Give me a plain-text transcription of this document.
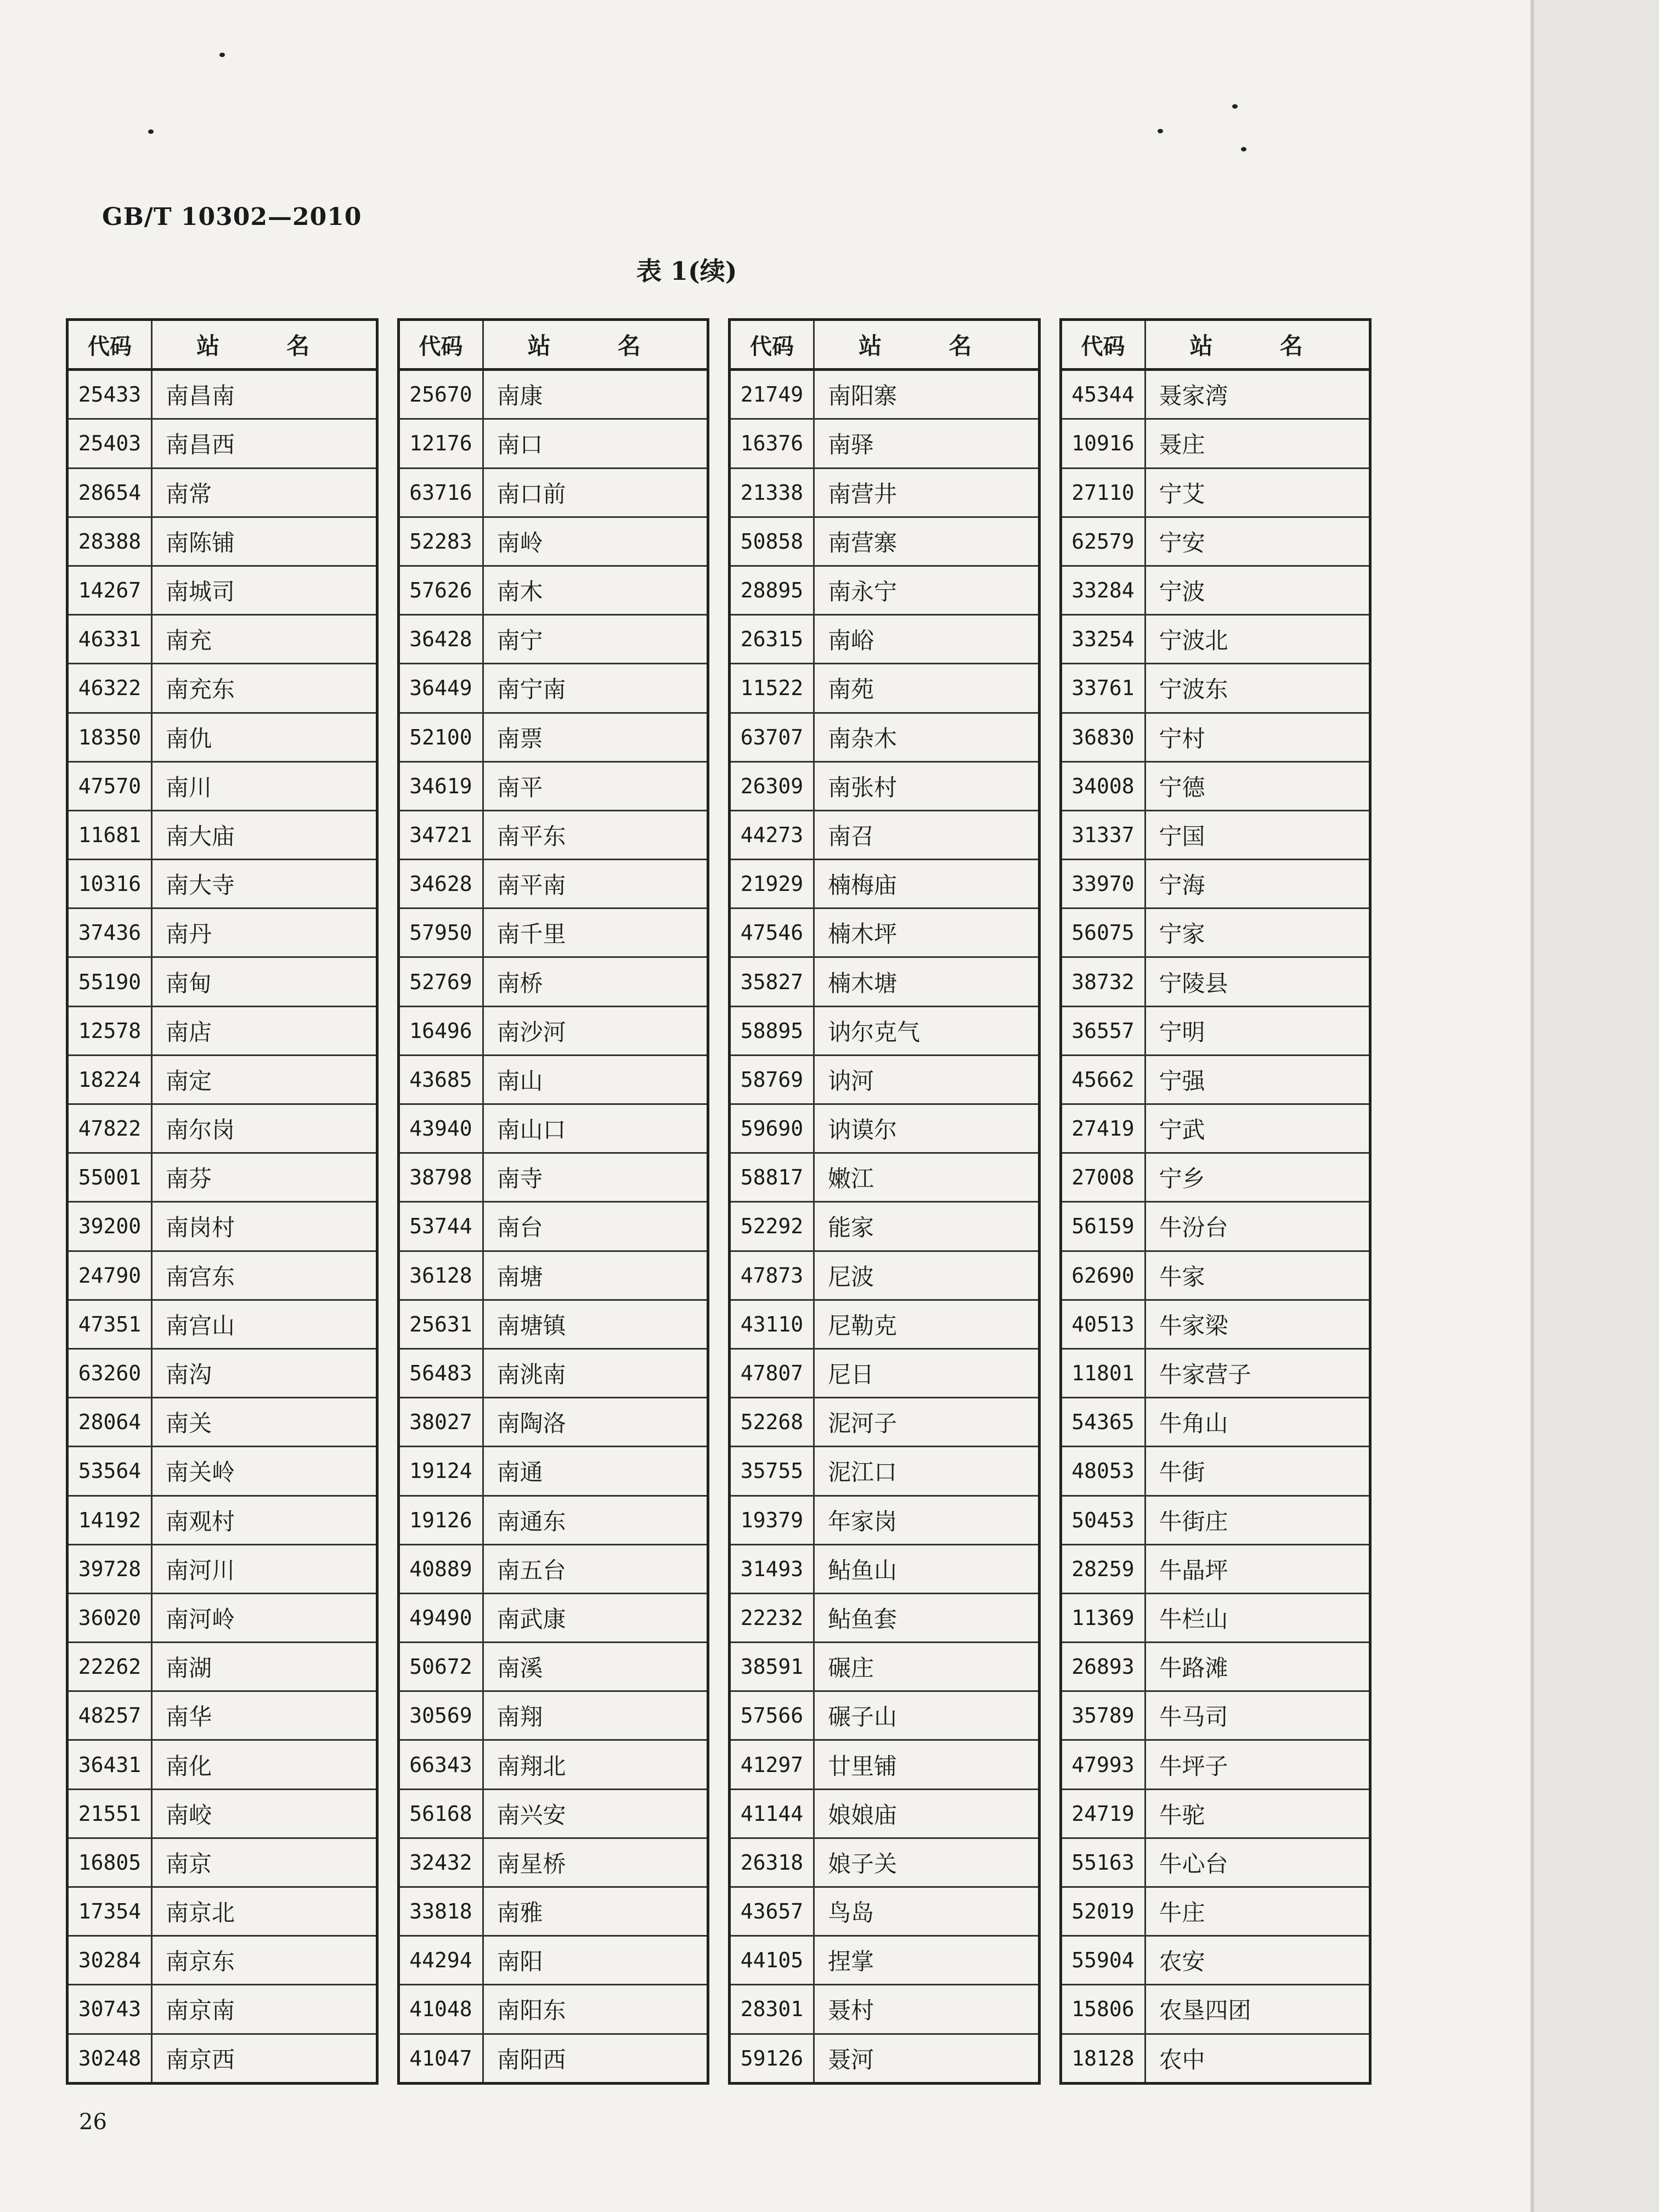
GB/T 10302—2010
表 1(续)
代码	站　名
25433	南昌南
25403	南昌西
28654	南常
28388	南陈铺
14267	南城司
46331	南充
46322	南充东
18350	南仇
47570	南川
11681	南大庙
10316	南大寺
37436	南丹
55190	南甸
12578	南店
18224	南定
47822	南尔岗
55001	南芬
39200	南岗村
24790	南宫东
47351	南宫山
63260	南沟
28064	南关
53564	南关岭
14192	南观村
39728	南河川
36020	南河岭
22262	南湖
48257	南华
36431	南化
21551	南峧
16805	南京
17354	南京北
30284	南京东
30743	南京南
30248	南京西
代码	站　名
25670	南康
12176	南口
63716	南口前
52283	南岭
57626	南木
36428	南宁
36449	南宁南
52100	南票
34619	南平
34721	南平东
34628	南平南
57950	南千里
52769	南桥
16496	南沙河
43685	南山
43940	南山口
38798	南寺
53744	南台
36128	南塘
25631	南塘镇
56483	南洮南
38027	南陶洛
19124	南通
19126	南通东
40889	南五台
49490	南武康
50672	南溪
30569	南翔
66343	南翔北
56168	南兴安
32432	南星桥
33818	南雅
44294	南阳
41048	南阳东
41047	南阳西
代码	站　名
21749	南阳寨
16376	南驿
21338	南营井
50858	南营寨
28895	南永宁
26315	南峪
11522	南苑
63707	南杂木
26309	南张村
44273	南召
21929	楠梅庙
47546	楠木坪
35827	楠木塘
58895	讷尔克气
58769	讷河
59690	讷谟尔
58817	嫩江
52292	能家
47873	尼波
43110	尼勒克
47807	尼日
52268	泥河子
35755	泥江口
19379	年家岗
31493	鲇鱼山
22232	鲇鱼套
38591	碾庄
57566	碾子山
41297	廿里铺
41144	娘娘庙
26318	娘子关
43657	鸟岛
44105	捏掌
28301	聂村
59126	聂河
代码	站　名
45344	聂家湾
10916	聂庄
27110	宁艾
62579	宁安
33284	宁波
33254	宁波北
33761	宁波东
36830	宁村
34008	宁德
31337	宁国
33970	宁海
56075	宁家
38732	宁陵县
36557	宁明
45662	宁强
27419	宁武
27008	宁乡
56159	牛汾台
62690	牛家
40513	牛家梁
11801	牛家营子
54365	牛角山
48053	牛街
50453	牛街庄
28259	牛晶坪
11369	牛栏山
26893	牛路滩
35789	牛马司
47993	牛坪子
24719	牛驼
55163	牛心台
52019	牛庄
55904	农安
15806	农垦四团
18128	农中
26
